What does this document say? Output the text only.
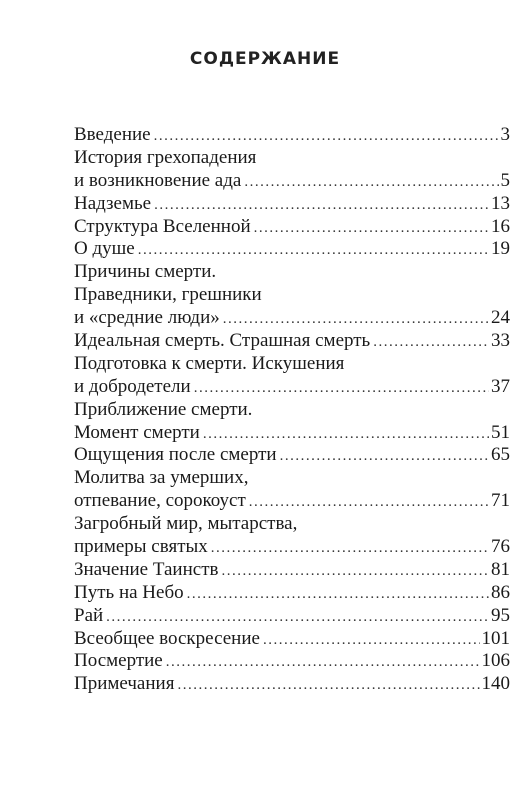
СОДЕРЖАНИЕ
Введение .....	3
История грехопадения
и возникновение ада .....	5
Надземье .....	13
Структура Вселенной .....	16
О душе .....	19
Причины смерти.
Праведники, грешники
и «средние люди» .....	24
Идеальная смерть. Страшная смерть .....	33
Подготовка к смерти. Искушения
и добродетели .....	37
Приближение смерти.
Момент смерти .....	51
Ощущения после смерти .....	65
Молитва за умерших,
отпевание, сорокоуст .....	71
Загробный мир, мытарства,
примеры святых .....	76
Значение Таинств .....	81
Путь на Небо .....	86
Рай .....	95
Всеобщее воскресение .....	101
Посмертие .....	106
Примечания .....	140
